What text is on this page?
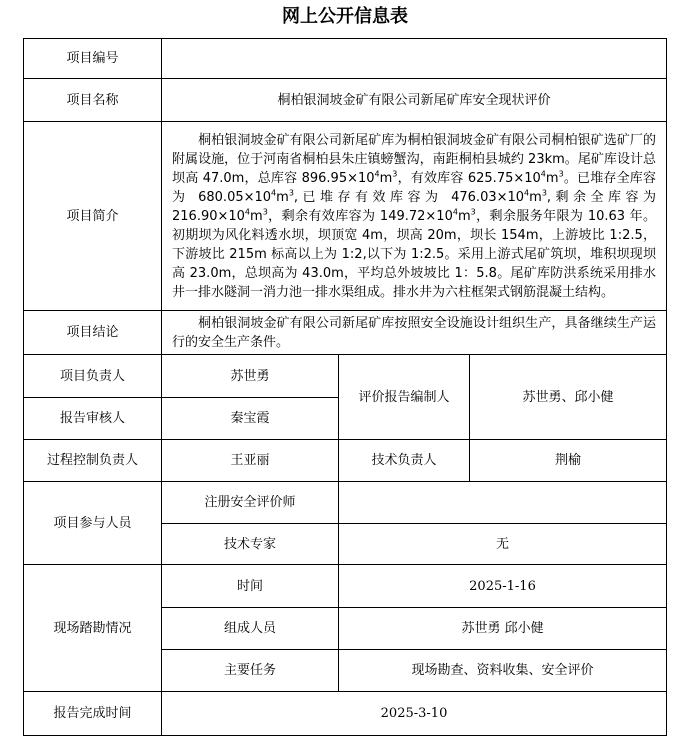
网上公开信息表
项目编号			
项目名称	桐柏银洞坡金矿有限公司新尾矿库安全现状评价		
项目简介	桐柏银洞坡金矿有限公司新尾矿库为桐柏银洞坡金矿有限公司桐柏银矿选矿厂的附属设施，位于河南省桐柏县朱庄镇螃蟹沟，南距桐柏县城约 23km。尾矿库设计总坝高 47.0m，总库容 $896.95\times 10^4m^3$，有效库容 $625.75\times 10^4m^3$。已堆存全库容为 $680.05\times 10^4m^3$,已堆存有效库容为 $476.03\times 10^4m^3$,剩余全库容为 $216.90\times 10^4m^3$，剩余有效库容为 $149.72\times 10^4m^3$，剩余服务年限为 10.63 年。初期坝为风化料透水坝，坝顶宽 4m，坝高 20m，坝长 154m，上游坡比 1:2.5，下游坡比 215m 标高以上为 1:2,以下为 1:2.5。采用上游式尾矿筑坝，堆积坝现坝高 23.0m，总坝高为 43.0m，平均总外坡坡比 1：5.8。尾矿库防洪系统采用排水井一排水隧洞一消力池一排水渠组成。排水井为六柱框架式钢筋混凝土结构。		
项目结论	桐柏银洞坡金矿有限公司新尾矿库按照安全设施设计组织生产，具备继续生产运行的安全生产条件。		
项目负责人	苏世勇	评价报告编制人	苏世勇、邱小健
报告审核人	秦宝霞		
过程控制负责人	王亚丽	技术负责人	荆榆
项目参与人员	注册安全评价师		
	技术专家	无	
现场踏勘情况	时间	2025-1-16	
	组成人员	苏世勇 邱小健	
	主要任务	现场勘查、资料收集、安全评价	
报告完成时间	2025-3-10		
